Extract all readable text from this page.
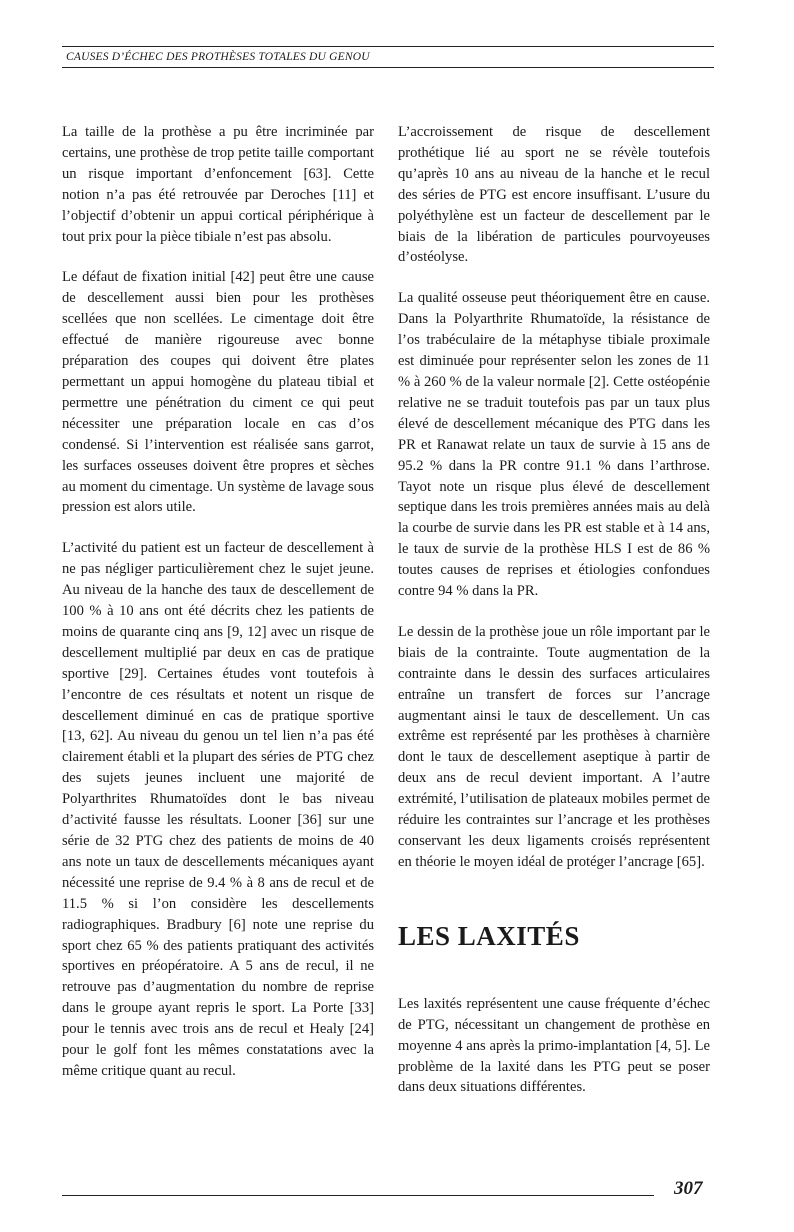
CAUSES D’ÉCHEC DES PROTHÈSES TOTALES DU GENOU

La taille de la prothèse a pu être incriminée par certains, une prothèse de trop petite taille comportant un risque important d’enfoncement [63]. Cette notion n’a pas été retrouvée par Deroches [11] et l’objectif d’obtenir un appui cortical périphérique à tout prix pour la pièce tibiale n’est pas absolu.

Le défaut de fixation initial [42] peut être une cause de descellement aussi bien pour les prothèses scellées que non scellées. Le cimentage doit être effectué de manière rigoureuse avec bonne préparation des coupes qui doivent être plates permettant un appui homogène du plateau tibial et permettre une pénétration du ciment ce qui peut nécessiter une préparation locale en cas d’os condensé. Si l’intervention est réalisée sans garrot, les surfaces osseuses doivent être propres et sèches au moment du cimentage. Un système de lavage sous pression est alors utile.

L’activité du patient est un facteur de descellement à ne pas négliger particulièrement chez le sujet jeune. Au niveau de la hanche des taux de descellement de 100 % à 10 ans ont été décrits chez les patients de moins de quarante cinq ans [9, 12] avec un risque de descellement multiplié par deux en cas de pratique sportive [29]. Certaines études vont toutefois à l’encontre de ces résultats et notent un risque de descellement diminué en cas de pratique sportive [13, 62]. Au niveau du genou un tel lien n’a pas été clairement établi et la plupart des séries de PTG chez des sujets jeunes incluent une majorité de Polyarthrites Rhumatoïdes dont le bas niveau d’activité fausse les résultats. Looner [36] sur une série de 32 PTG chez des patients de moins de 40 ans note un taux de descellements mécaniques ayant nécessité une reprise de 9.4 % à 8 ans de recul et de 11.5 % si l’on considère les descellements radiographiques. Bradbury [6] note une reprise du sport chez 65 % des patients pratiquant des activités sportives en préopératoire. A 5 ans de recul, il ne retrouve pas d’augmentation du nombre de reprise dans le groupe ayant repris le sport. La Porte [33] pour le tennis avec trois ans de recul et Healy [24] pour le golf font les mêmes constatations avec la même critique quant au recul.

L’accroissement de risque de descellement prothétique lié au sport ne se révèle toutefois qu’après 10 ans au niveau de la hanche et le recul des séries de PTG est encore insuffisant. L’usure du polyéthylène est un facteur de descellement par le biais de la libération de particules pourvoyeuses d’ostéolyse.

La qualité osseuse peut théoriquement être en cause. Dans la Polyarthrite Rhumatoïde, la résistance de l’os trabéculaire de la métaphyse tibiale proximale est diminuée pour représenter selon les zones de 11 % à 260 % de la valeur normale [2]. Cette ostéopénie relative ne se traduit toutefois pas par un taux plus élevé de descellement mécanique des PTG dans les PR et Ranawat relate un taux de survie à 15 ans de 95.2 % dans la PR contre 91.1 % dans l’arthrose. Tayot note un risque plus élevé de descellement septique dans les trois premières années mais au delà la courbe de survie dans les PR est stable et à 14 ans, le taux de survie de la prothèse HLS I est de 86 % toutes causes de reprises et étiologies confondues contre 94 % dans la PR.

Le dessin de la prothèse joue un rôle important par le biais de la contrainte. Toute augmentation de la contrainte dans le dessin des surfaces articulaires entraîne un transfert de forces sur l’ancrage augmentant ainsi le taux de descellement. Un cas extrême est représenté par les prothèses à charnière dont le taux de descellement aseptique à partir de deux ans de recul devient important. A l’autre extrémité, l’utilisation de plateaux mobiles permet de réduire les contraintes sur l’ancrage et les prothèses conservant les deux ligaments croisés représentent en théorie le moyen idéal de protéger l’ancrage [65].

LES LAXITÉS

Les laxités représentent une cause fréquente d’échec de PTG, nécessitant un changement de prothèse en moyenne 4 ans après la primo-implantation [4, 5]. Le problème de la laxité dans les PTG peut se poser dans deux situations différentes.

307
